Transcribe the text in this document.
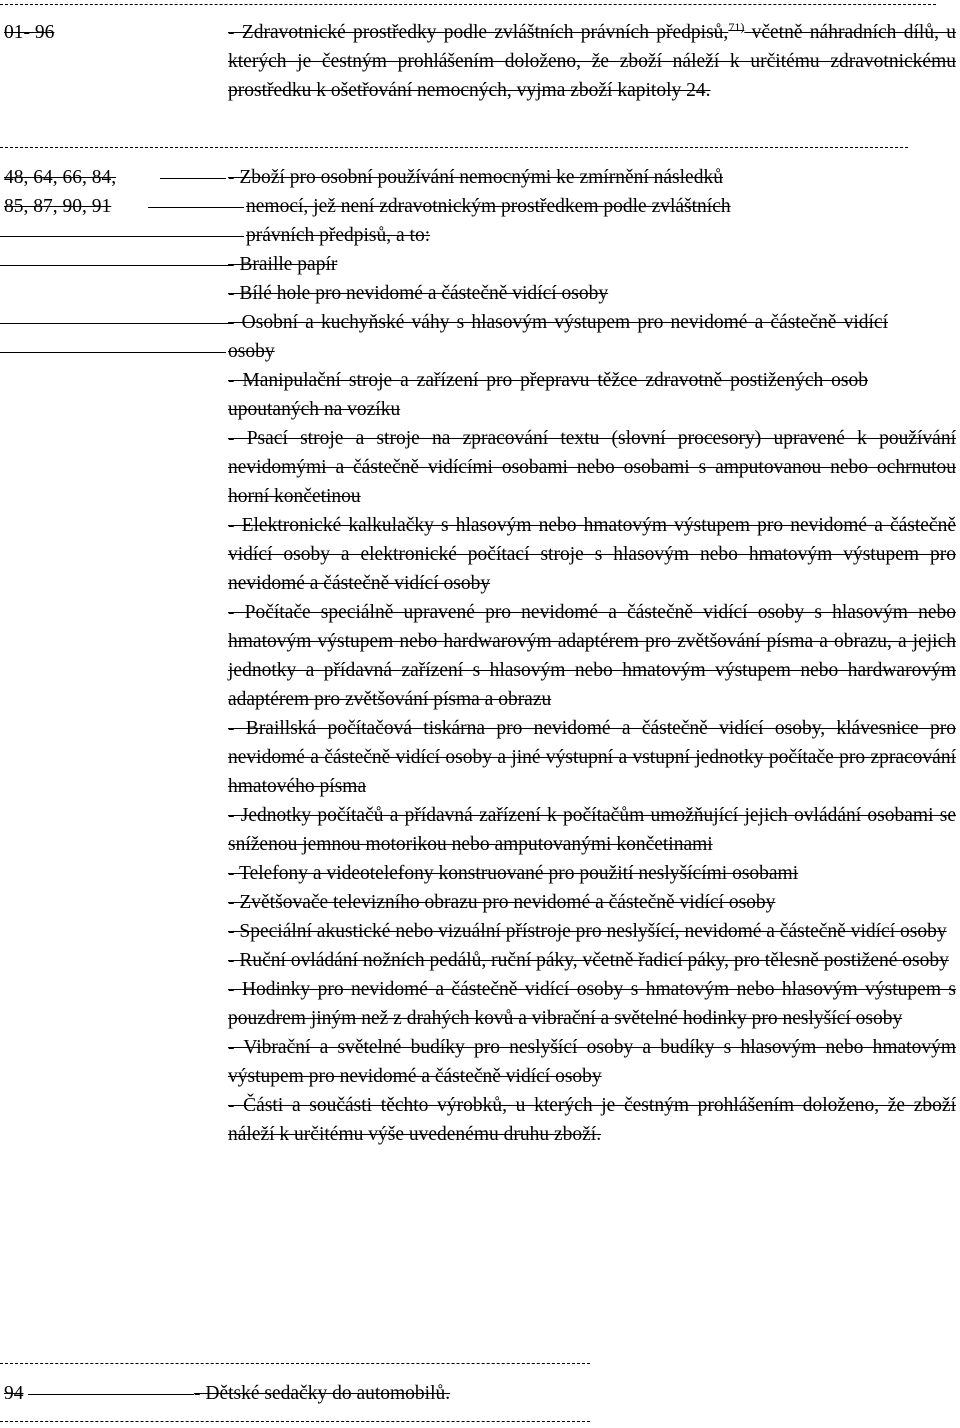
01- 96	- Zdravotnické prostředky podle zvláštních právních předpisů,$^{71)}$ včetně náhradních dílů, u kterých je čestným prohlášením doloženo, že zboží náleží k určitému zdravotnickému prostředku k ošetřování nemocných, vyjma zboží kapitoly 24.
48, 64, 66, 84,
85, 87, 90, 91
- Zboží pro osobní používání nemocnými ke zmírnění následků
nemocí, jež není zdravotnickým prostředkem podle zvláštních
právních předpisů, a to:
- Braille papír
- Bílé hole pro nevidomé a částečně vidící osoby
- Osobní a kuchyňské váhy s hlasovým výstupem pro nevidomé a částečně vidící osoby
- Manipulační stroje a zařízení pro přepravu těžce zdravotně postižených osob upoutaných na vozíku
- Psací stroje a stroje na zpracování textu (slovní procesory) upravené k používání nevidomými a částečně vidícími osobami nebo osobami s amputovanou nebo ochrnutou horní končetinou
- Elektronické kalkulačky s hlasovým nebo hmatovým výstupem pro nevidomé a částečně vidící osoby a elektronické počítací stroje s hlasovým nebo hmatovým výstupem pro nevidomé a částečně vidící osoby
- Počítače speciálně upravené pro nevidomé a částečně vidící osoby s hlasovým nebo hmatovým výstupem nebo hardwarovým adaptérem pro zvětšování písma a obrazu, a jejich jednotky a přídavná zařízení s hlasovým nebo hmatovým výstupem nebo hardwarovým adaptérem pro zvětšování písma a obrazu
- Braillská počítačová tiskárna pro nevidomé a částečně vidící osoby, klávesnice pro nevidomé a částečně vidící osoby a jiné výstupní a vstupní jednotky počítače pro zpracování hmatového písma
- Jednotky počítačů a přídavná zařízení k počítačům umožňující jejich ovládání osobami se sníženou jemnou motorikou nebo amputovanými končetinami
- Telefony a videotelefony konstruované pro použití neslyšícími osobami
- Zvětšovače televizního obrazu pro nevidomé a částečně vidící osoby
- Speciální akustické nebo vizuální přístroje pro neslyšící, nevidomé a částečně vidící osoby
- Ruční ovládání nožních pedálů, ruční páky, včetně řadicí páky, pro tělesně postižené osoby
- Hodinky pro nevidomé a částečně vidící osoby s hmatovým nebo hlasovým výstupem s pouzdrem jiným než z drahých kovů a vibrační a světelné hodinky pro neslyšící osoby
- Vibrační a světelné budíky pro neslyšící osoby a budíky s hlasovým nebo hmatovým výstupem pro nevidomé a částečně vidící osoby
- Části a součásti těchto výrobků, u kterých je čestným prohlášením doloženo, že zboží náleží k určitému výše uvedenému druhu zboží.
94	- Dětské sedačky do automobilů.
